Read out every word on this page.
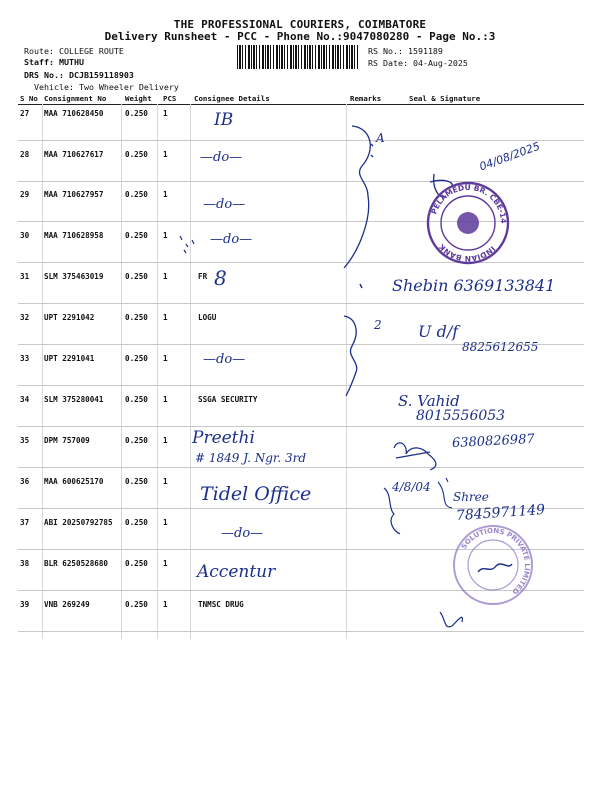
THE PROFESSIONAL COURIERS, COIMBATORE
Delivery Runsheet - PCC - Phone No.:9047080280 - Page No.:3
Route: COLLEGE ROUTE
Staff: MUTHU
DRS No.: DCJB159118903
Vehicle: Two Wheeler Delivery
RS No.: 1591189
RS Date: 04-Aug-2025
S No Consignment No	Weight PCS Consignee Details	Remarks	Seal & Signature
27 MAA 710628450	0.250 1
28 MAA 710627617	0.250 1
29 MAA 710627957	0.250 1
30 MAA 710628958	0.250 1
31 SLM 375463019	0.250 1	FR
32 UPT 2291042	0.250 1	LOGU
33 UPT 2291041	0.250 1
34 SLM 375280041	0.250 1	SSGA SECURITY
35 DPM 757009	0.250 1
36 MAA 600625170	0.250 1
37 ABI 20250792785 0.250 1
38 BLR 6250528680 0.250 1
39 VNB 269249	0.250 1	TNMSC DRUG
IB
—do—
—do—
—do—
8
—do—
Preethi
# 1849 J. Ngr. 3rd
Tidel Office
—do—
Accentur
A
2
04/08/2025
Shebin 6369133841
U d/f
8825612655
S. Vahid
8015556053
6380826987
4/8/04
Shree
7845971149
PELAMEDU BR. CBE-14
INDIAN BANK
SOLUTIONS PRIVATE LIMITED
